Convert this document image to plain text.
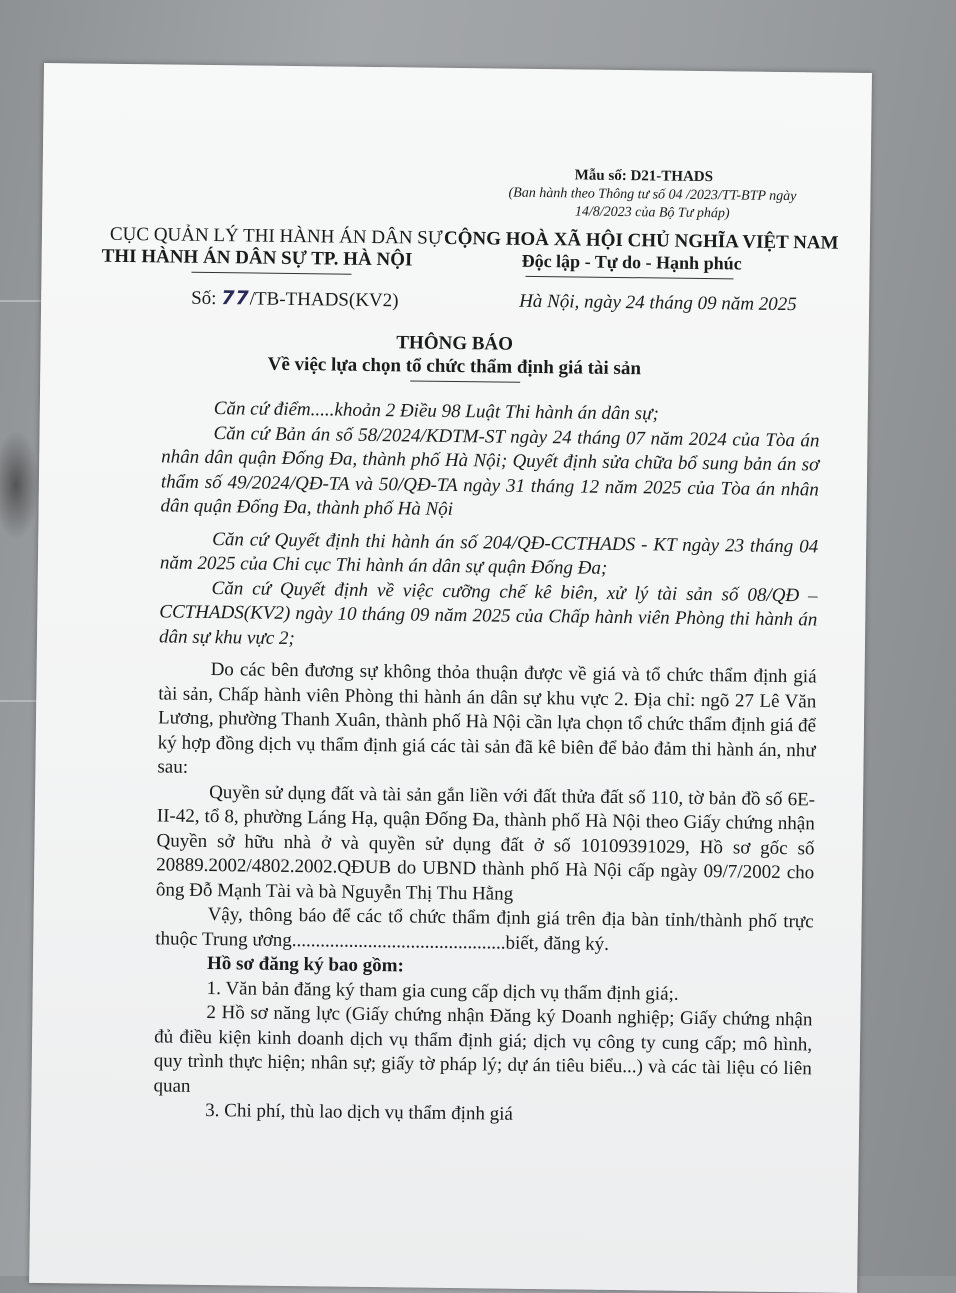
Mẫu số: D21-THADS
(Ban hành theo Thông tư số 04 /2023/TT-BTP ngày 14/8/2023 của Bộ Tư pháp)
CỤC QUẢN LÝ THI HÀNH ÁN DÂN SỰ
THI HÀNH ÁN DÂN SỰ TP. HÀ NỘI
CỘNG HOÀ XÃ HỘI CHỦ NGHĨA VIỆT NAM
Độc lập - Tự do - Hạnh phúc
Số: 77/TB-THADS(KV2)	Hà Nội, ngày 24 tháng 09 năm 2025
THÔNG BÁO
Về việc lựa chọn tổ chức thẩm định giá tài sản

Căn cứ điểm.....khoản 2 Điều 98 Luật Thi hành án dân sự;

Căn cứ Bản án số 58/2024/KDTM-ST ngày 24 tháng 07 năm 2024 của Tòa án nhân dân quận Đống Đa, thành phố Hà Nội; Quyết định sửa chữa bổ sung bản án sơ thẩm số 49/2024/QĐ-TA và 50/QĐ-TA ngày 31 tháng 12 năm 2025 của Tòa án nhân dân quận Đống Đa, thành phố Hà Nội

Căn cứ Quyết định thi hành án số 204/QĐ-CCTHADS - KT ngày 23 tháng 04 năm 2025 của Chi cục Thi hành án dân sự quận Đống Đa;

Căn cứ Quyết định về việc cưỡng chế kê biên, xử lý tài sản số 08/QĐ – CCTHADS(KV2) ngày 10 tháng 09 năm 2025 của Chấp hành viên Phòng thi hành án dân sự khu vực 2;

Do các bên đương sự không thỏa thuận được về giá và tổ chức thẩm định giá tài sản, Chấp hành viên Phòng thi hành án dân sự khu vực 2. Địa chỉ: ngõ 27 Lê Văn Lương, phường Thanh Xuân, thành phố Hà Nội cần lựa chọn tổ chức thẩm định giá để ký hợp đồng dịch vụ thẩm định giá các tài sản đã kê biên để bảo đảm thi hành án, như sau:

Quyền sử dụng đất và tài sản gắn liền với đất thửa đất số 110, tờ bản đồ số 6E-II-42, tổ 8, phường Láng Hạ, quận Đống Đa, thành phố Hà Nội theo Giấy chứng nhận Quyền sở hữu nhà ở và quyền sử dụng đất ở số 10109391029, Hồ sơ gốc số 20889.2002/4802.2002.QĐUB do UBND thành phố Hà Nội cấp ngày 09/7/2002 cho ông Đỗ Mạnh Tài và bà Nguyễn Thị Thu Hằng

Vậy, thông báo để các tổ chức thẩm định giá trên địa bàn tỉnh/thành phố trực thuộc Trung ương.............................................biết, đăng ký.

Hồ sơ đăng ký bao gồm:

1. Văn bản đăng ký tham gia cung cấp dịch vụ thẩm định giá;.

2 Hồ sơ năng lực (Giấy chứng nhận Đăng ký Doanh nghiệp; Giấy chứng nhận đủ điều kiện kinh doanh dịch vụ thẩm định giá; dịch vụ công ty cung cấp; mô hình, quy trình thực hiện; nhân sự; giấy tờ pháp lý; dự án tiêu biểu...) và các tài liệu có liên quan

3. Chi phí, thù lao dịch vụ thẩm định giá
